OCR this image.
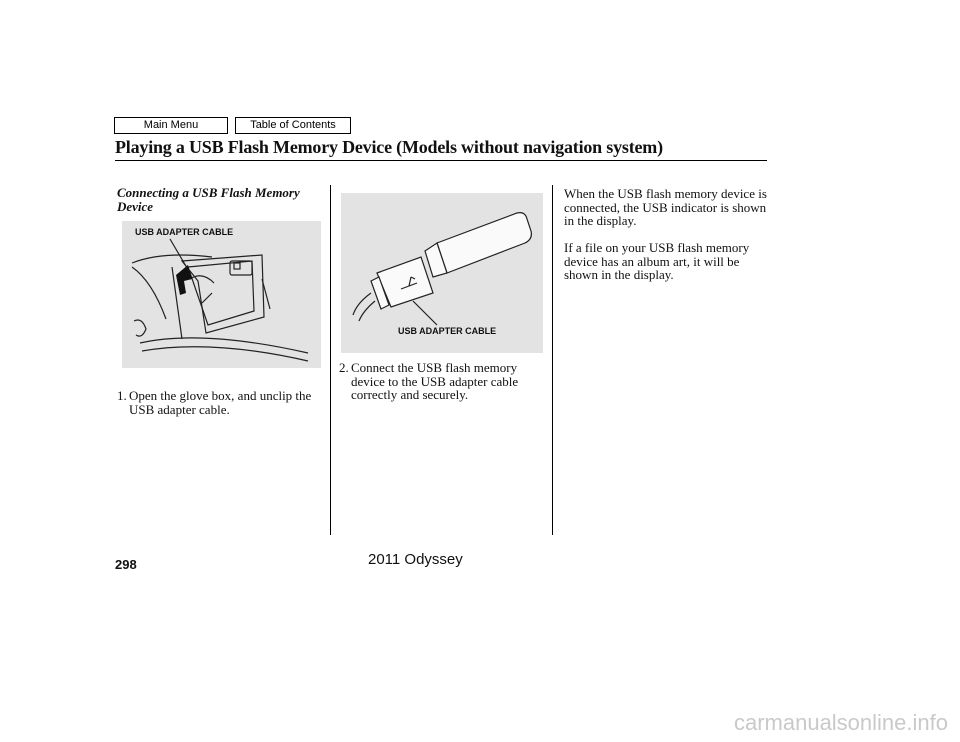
Main Menu	Table of Contents
Playing a USB Flash Memory Device (Models without navigation system)
Connecting a USB Flash Memory Device
USB ADAPTER CABLE
USB ADAPTER CABLE
1. Open the glove box, and unclip the USB adapter cable.
2. Connect the USB flash memory device to the USB adapter cable correctly and securely.

When the USB flash memory device is connected, the USB indicator is shown in the display.

If a file on your USB flash memory device has an album art, it will be shown in the display.

298	2011 Odyssey
carmanualsonline.info
